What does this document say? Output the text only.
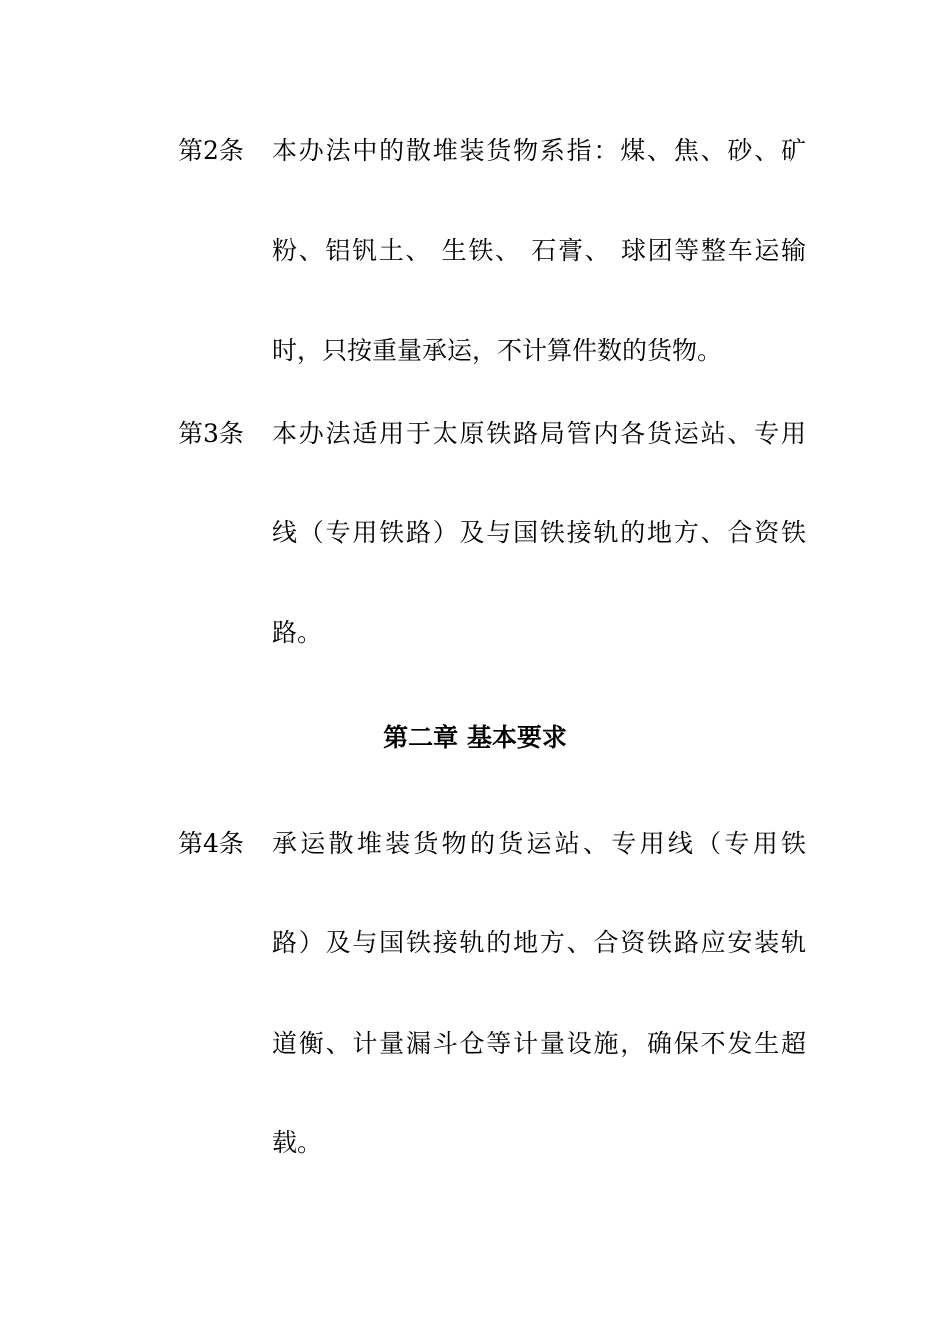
第2条 本办法中的散堆装货物系指：煤、焦、砂、矿
粉、铝钒土、 生铁、 石膏、 球团等整车运输
时，只按重量承运，不计算件数的货物。
第3条 本办法适用于太原铁路局管内各货运站、专用
线（专用铁路）及与国铁接轨的地方、合资铁
路。
第二章 基本要求
第4条 承运散堆装货物的货运站、专用线（专用铁
路）及与国铁接轨的地方、合资铁路应安装轨
道衡、计量漏斗仓等计量设施，确保不发生超
载。
